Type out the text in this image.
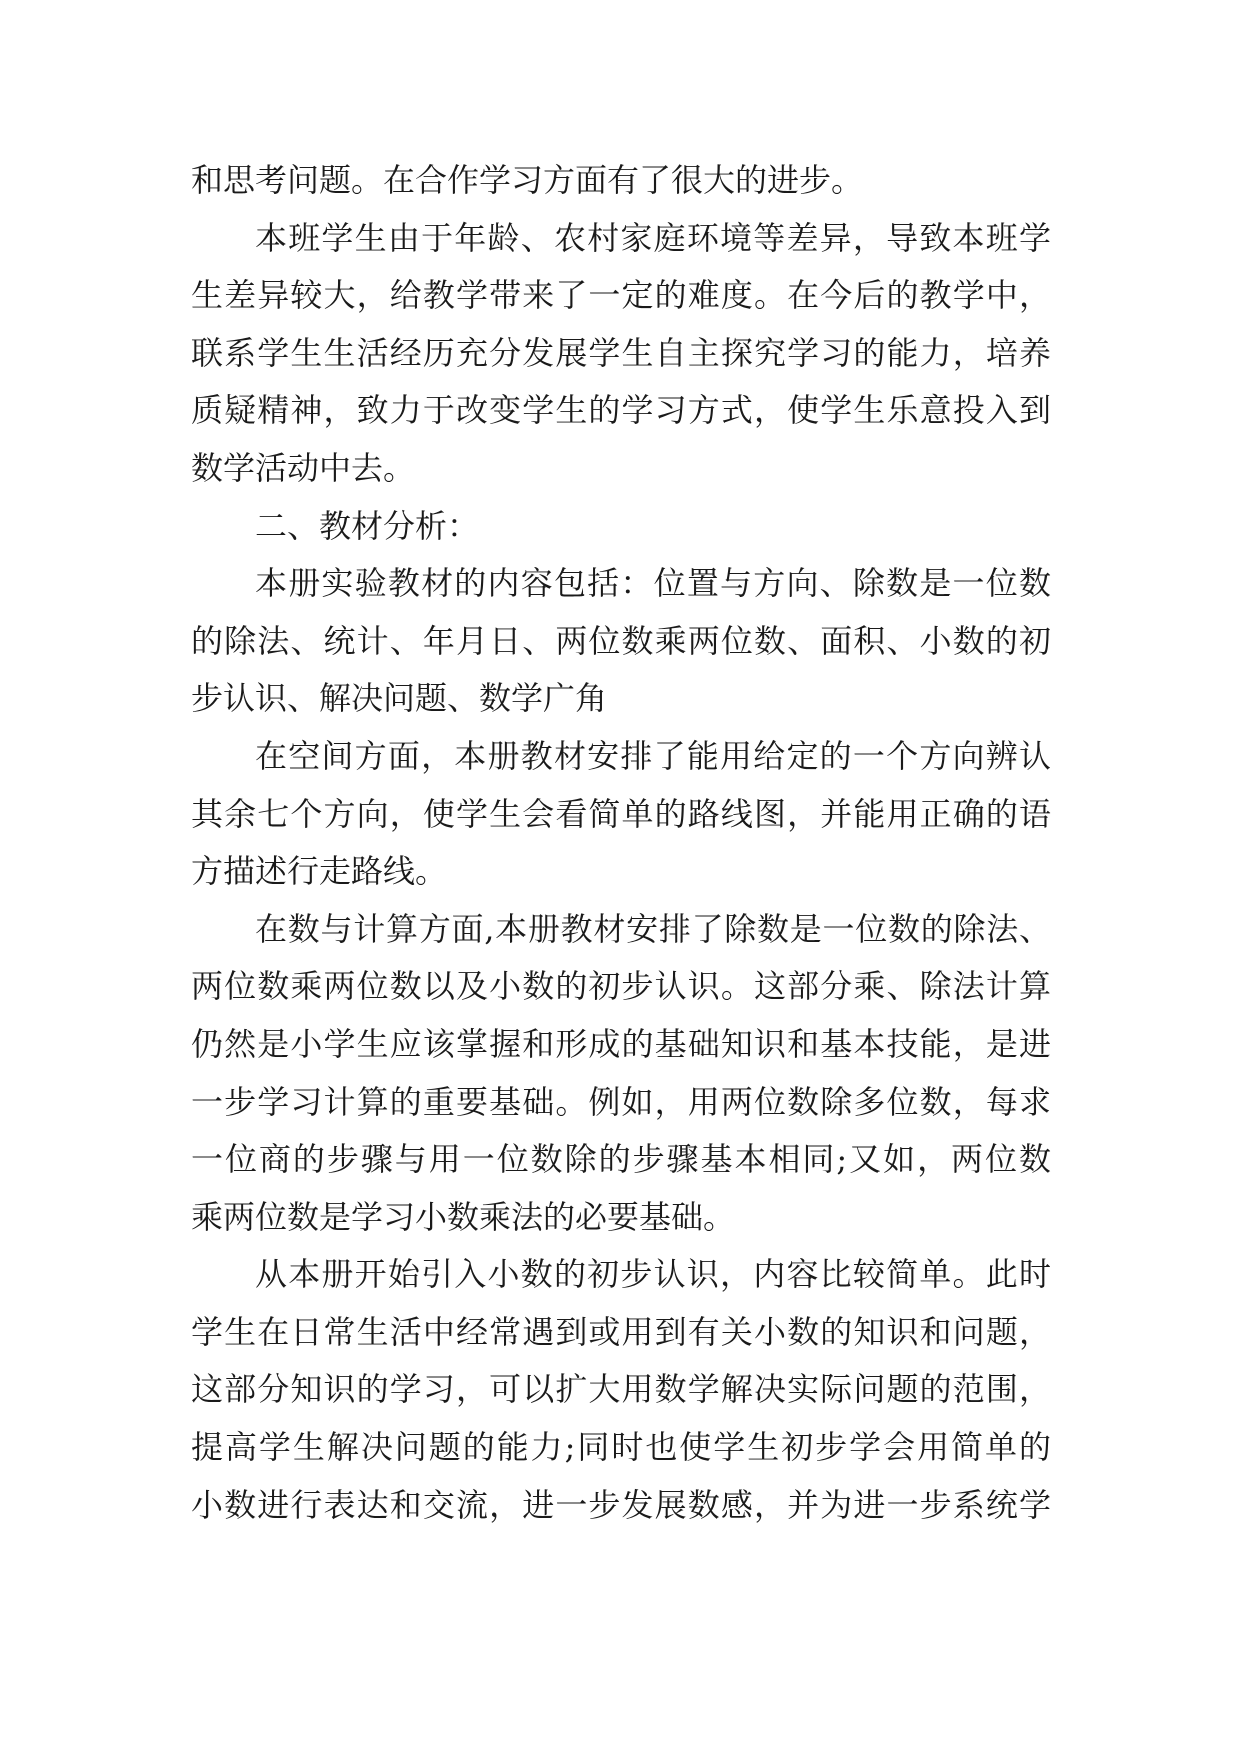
和思考问题。在合作学习方面有了很大的进步。
本班学生由于年龄、农村家庭环境等差异，导致本班学
生差异较大，给教学带来了一定的难度。在今后的教学中，
联系学生生活经历充分发展学生自主探究学习的能力，培养
质疑精神，致力于改变学生的学习方式，使学生乐意投入到
数学活动中去。
二、教材分析：
本册实验教材的内容包括：位置与方向、除数是一位数
的除法、统计、年月日、两位数乘两位数、面积、小数的初
步认识、解决问题、数学广角
在空间方面，本册教材安排了能用给定的一个方向辨认
其余七个方向，使学生会看简单的路线图，并能用正确的语
方描述行走路线。
在数与计算方面,本册教材安排了除数是一位数的除法、
两位数乘两位数以及小数的初步认识。这部分乘、除法计算
仍然是小学生应该掌握和形成的基础知识和基本技能，是进
一步学习计算的重要基础。例如，用两位数除多位数，每求
一位商的步骤与用一位数除的步骤基本相同;又如，两位数
乘两位数是学习小数乘法的必要基础。
从本册开始引入小数的初步认识，内容比较简单。此时
学生在日常生活中经常遇到或用到有关小数的知识和问题，
这部分知识的学习，可以扩大用数学解决实际问题的范围，
提高学生解决问题的能力;同时也使学生初步学会用简单的
小数进行表达和交流，进一步发展数感，并为进一步系统学
